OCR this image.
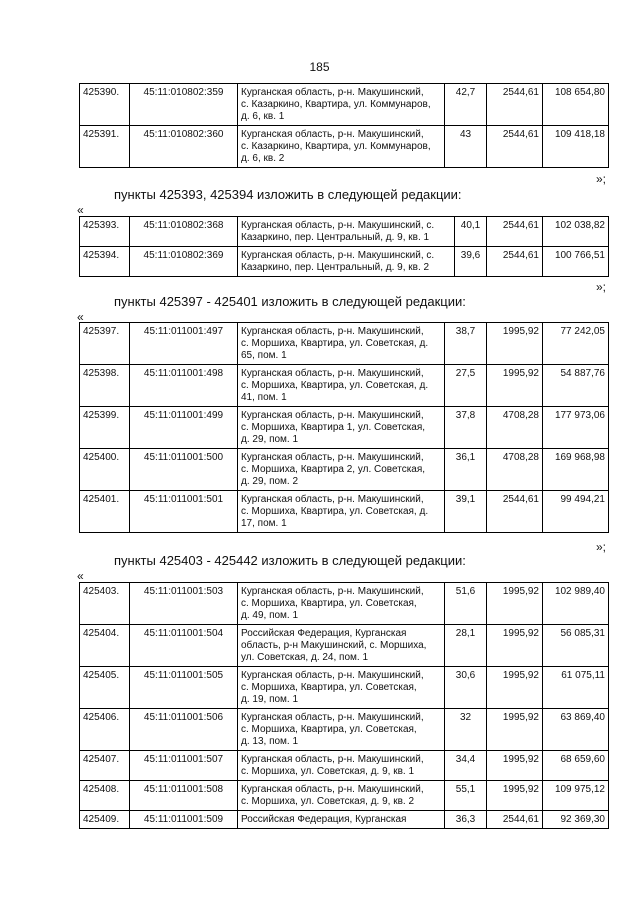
185
425390.	45:11:010802:359	Курганская область, р-н. Макушинский,
с. Казаркино, Квартира, ул. Коммунаров,
д. 6, кв. 1	42,7	2544,61	108 654,80
425391.	45:11:010802:360	Курганская область, р-н. Макушинский,
с. Казаркино, Квартира, ул. Коммунаров,
д. 6, кв. 2	43	2544,61	109 418,18
»;
пункты 425393, 425394 изложить в следующей редакции:
«
425393.	45:11:010802:368	Курганская область, р-н. Макушинский, с.
Казаркино, пер. Центральный, д. 9, кв. 1	40,1	2544,61	102 038,82
425394.	45:11:010802:369	Курганская область, р-н. Макушинский, с.
Казаркино, пер. Центральный, д. 9, кв. 2	39,6	2544,61	100 766,51
»;
пункты 425397 - 425401 изложить в следующей редакции:
«
425397.	45:11:011001:497	Курганская область, р-н. Макушинский,
с. Моршиха, Квартира, ул. Советская, д.
65, пом. 1	38,7	1995,92	77 242,05
425398.	45:11:011001:498	Курганская область, р-н. Макушинский,
с. Моршиха, Квартира, ул. Советская, д.
41, пом. 1	27,5	1995,92	54 887,76
425399.	45:11:011001:499	Курганская область, р-н. Макушинский,
с. Моршиха, Квартира 1, ул. Советская,
д. 29, пом. 1	37,8	4708,28	177 973,06
425400.	45:11:011001:500	Курганская область, р-н. Макушинский,
с. Моршиха, Квартира 2, ул. Советская,
д. 29, пом. 2	36,1	4708,28	169 968,98
425401.	45:11:011001:501	Курганская область, р-н. Макушинский,
с. Моршиха, Квартира, ул. Советская, д.
17, пом. 1	39,1	2544,61	99 494,21
»;
пункты 425403 - 425442 изложить в следующей редакции:
«
425403.	45:11:011001:503	Курганская область, р-н. Макушинский,
с. Моршиха, Квартира, ул. Советская,
д. 49, пом. 1	51,6	1995,92	102 989,40
425404.	45:11:011001:504	Российская Федерация, Курганская
область, р-н Макушинский, с. Моршиха,
ул. Советская, д. 24, пом. 1	28,1	1995,92	56 085,31
425405.	45:11:011001:505	Курганская область, р-н. Макушинский,
с. Моршиха, Квартира, ул. Советская,
д. 19, пом. 1	30,6	1995,92	61 075,11
425406.	45:11:011001:506	Курганская область, р-н. Макушинский,
с. Моршиха, Квартира, ул. Советская,
д. 13, пом. 1	32	1995,92	63 869,40
425407.	45:11:011001:507	Курганская область, р-н. Макушинский,
с. Моршиха, ул. Советская, д. 9, кв. 1	34,4	1995,92	68 659,60
425408.	45:11:011001:508	Курганская область, р-н. Макушинский,
с. Моршиха, ул. Советская, д. 9, кв. 2	55,1	1995,92	109 975,12
425409.	45:11:011001:509	Российская Федерация, Курганская	36,3	2544,61	92 369,30
